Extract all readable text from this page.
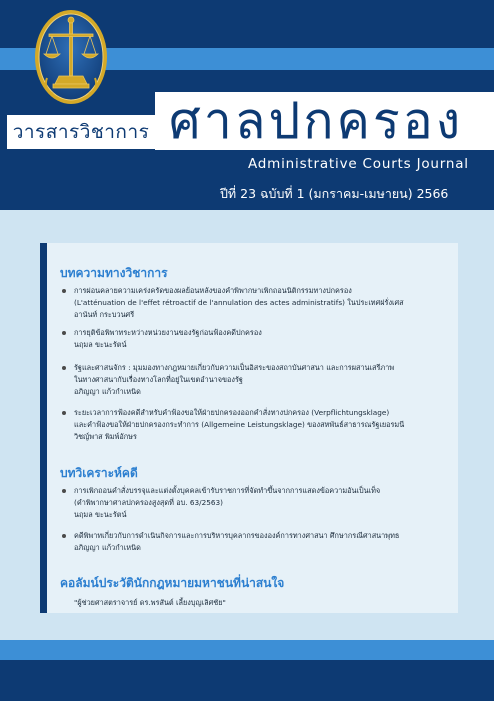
วารสารวิชาการ ศาลปกครอง
Administrative Courts Journal
ปีที่ 23 ฉบับที่ 1 (มกราคม-เมษายน) 2566
บทความทางวิชาการ
การผ่อนคลายความเคร่งครัดของผลย้อนหลังของคำพิพากษาเพิกถอนนิติกรรมทางปกครอง
(L'atténuation de l'effet rétroactif de l'annulation des actes administratifs) ในประเทศฝรั่งเศส
อานันท์ กระบวนศรี
การยุติข้อพิพาทระหว่างหน่วยงานของรัฐก่อนฟ้องคดีปกครอง
นฤมล ขะนะรัตน์
รัฐและศาสนจักร : มุมมองทางกฎหมายเกี่ยวกับความเป็นอิสระของสถาบันศาสนา และการผสานเสรีภาพ
ในทางศาสนากับเรื่องทางโลกที่อยู่ในเขตอำนาจของรัฐ
อภิญญา แก้วกำเหนิด
ระยะเวลาการฟ้องคดีสำหรับคำฟ้องขอให้ฝ่ายปกครองออกคำสั่งทางปกครอง (Verpflichtungsklage)
และคำฟ้องขอให้ฝ่ายปกครองกระทำการ (Allgemeine Leistungsklage) ของสหพันธ์สาธารณรัฐเยอรมนี
วิชญ์พาส พิมพ์อักษร
บทวิเคราะห์คดี
การเพิกถอนคำสั่งบรรจุและแต่งตั้งบุคคลเข้ารับราชการที่จัดทำขึ้นจากการแสดงข้อความอันเป็นเท็จ
(คำพิพากษาศาลปกครองสูงสุดที่ อบ. 63/2563)
นฤมล ขะนะรัตน์
คดีพิพาทเกี่ยวกับการดำเนินกิจการและการบริหารบุคลากรขององค์การทางศาสนา ศึกษากรณีศาสนาพุทธ
อภิญญา แก้วกำเหนิด
คอลัมน์ประวัตินักกฎหมายมหาชนที่น่าสนใจ
"ผู้ช่วยศาสตราจารย์ ดร.พรสันต์ เลี้ยงบุญเลิศชัย"
